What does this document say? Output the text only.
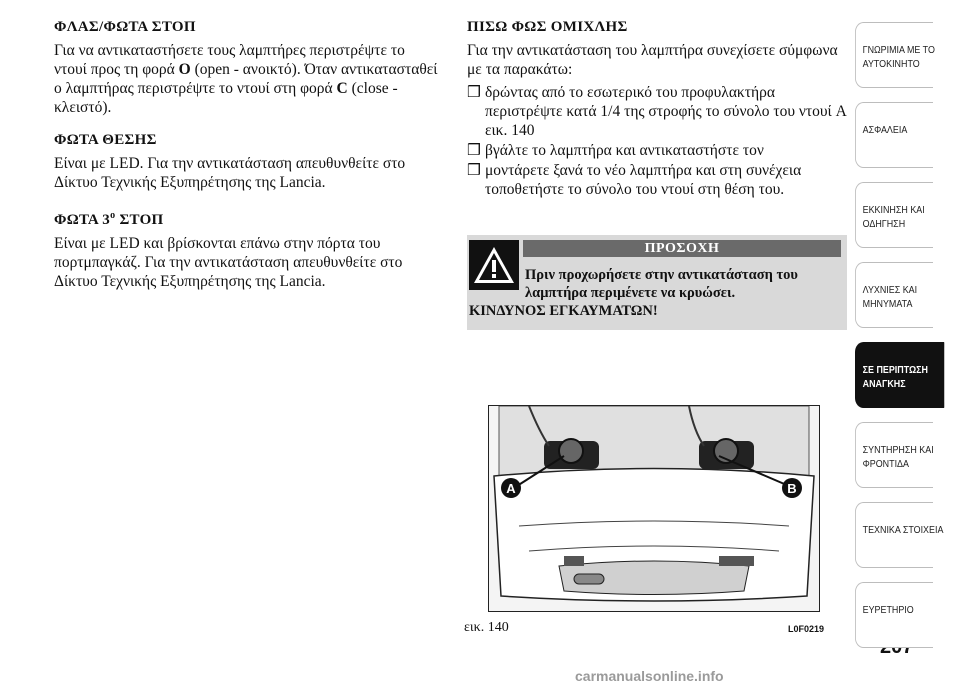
ΦΛΑΣ/ΦΩΤΑ ΣΤΟΠ

Για να αντικαταστήσετε τους λαμπτήρες περιστρέψτε το ντουί προς τη φορά O (open - ανοικτό). Όταν αντικατασταθεί ο λαμπτήρας περιστρέψτε το ντουί στη φορά C (close - κλειστό).

ΦΩΤΑ ΘΕΣΗΣ

Είναι με LED. Για την αντικατάσταση απευθυνθείτε στο Δίκτυο Τεχνικής Εξυπηρέτησης της Lancia.

ΦΩΤΑ $3^o$ ΣΤΟΠ

Είναι με LED και βρίσκονται επάνω στην πόρτα του πορτμπαγκάζ. Για την αντικατάσταση απευθυνθείτε στο Δίκτυο Τεχνικής Εξυπηρέτησης της Lancia.

ΠΙΣΩ ΦΩΣ ΟΜΙΧΛΗΣ

Για την αντικατάσταση του λαμπτήρα συνεχίσετε σύμφωνα με τα παρακάτω:

❒ δρώντας από το εσωτερικό του προφυλακτήρα περιστρέψτε κατά 1/4 της στροφής το σύνολο του ντουί A εικ. 140
❒ βγάλτε το λαμπτήρα και αντικαταστήστε τον
❒ μοντάρετε ξανά το νέο λαμπτήρα και στη συνέχεια τοποθετήστε το σύνολο του ντουί στη θέση του.
ΠΡΟΣΟΧΗ
Πριν προχωρήσετε στην αντικατάσταση του λαμπτήρα περιμένετε να κρυώσει.
ΚΙΝΔΥΝΟΣ ΕΓΚΑΥΜΑΤΩΝ!
A	B
εικ. 140	L0F0219
ΓΝΩΡΙΜΙΑ ΜΕ ΤΟ
ΑΥΤΟΚΙΝΗΤΟ
ΑΣΦΑΛΕΙΑ
ΕΚΚΙΝΗΣΗ ΚΑΙ
ΟΔΗΓΗΣΗ
ΛΥΧΝΙΕΣ ΚΑΙ
ΜΗΝΥΜΑΤΑ
ΣΕ ΠΕΡΙΠΤΩΣΗ
ΑΝΑΓΚΗΣ
ΣΥΝΤΗΡΗΣΗ ΚΑΙ
ΦΡΟΝΤΙΔΑ
ΤΕΧΝΙΚΑ ΣΤΟΙΧΕΙΑ
ΕΥΡΕΤΗΡΙΟ
carmanualsonline.info
